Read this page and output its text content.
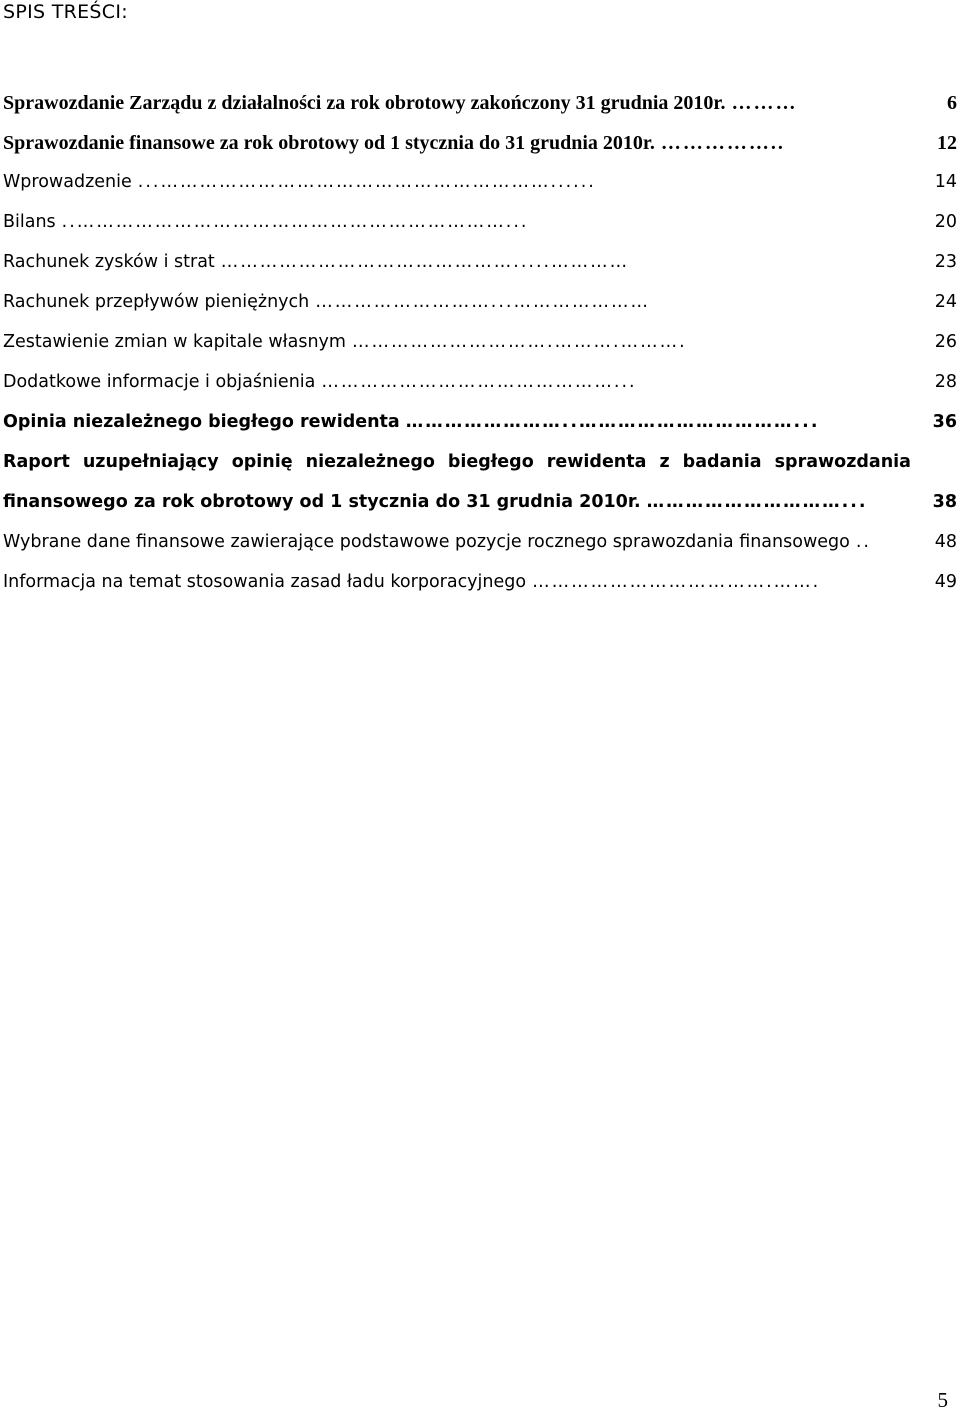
SPIS TREŚCI:
Sprawozdanie Zarządu z działalności za rok obrotowy zakończony 31 grudnia 2010r. ………	6
Sprawozdanie finansowe za rok obrotowy od 1 stycznia do 31 grudnia 2010r. ……………..	12
Wprowadzenie ...……………………………………………………......	14
Bilans ..…………………………………………………………...	20
Rachunek zysków i strat ……………………………………….....…………	23
Rachunek przepływów pieniężnych ………………………...…………………	24
Zestawienie zmian w kapitale własnym ………………………….……….……….	26
Dodatkowe informacje i objaśnienia ………………………………………...	28
Opinia niezależnego biegłego rewidenta ……………………..……………………………...	36
Raport uzupełniający opinię niezależnego biegłego rewidenta z badania sprawozdania
finansowego za rok obrotowy od 1 stycznia do 31 grudnia 2010r. …………………………...	38
Wybrane dane finansowe zawierające podstawowe pozycje rocznego sprawozdania finansowego ..	48
Informacja na temat stosowania zasad ładu korporacyjnego ……………………………….…….	49
5
